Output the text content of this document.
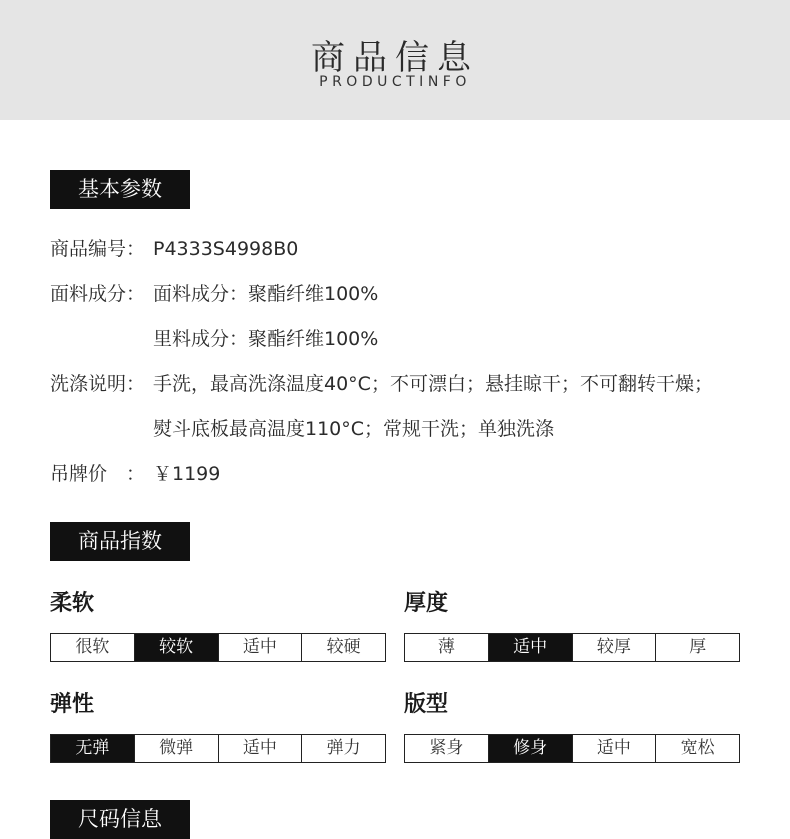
商品信息
PRODUCTINFO
基本参数
商品编号： P4333S4998B0
面料成分： 面料成分：聚酯纤维100%
里料成分：聚酯纤维100%
洗涤说明： 手洗，最高洗涤温度40°C；不可漂白；悬挂晾干；不可翻转干燥；
熨斗底板最高温度110°C；常规干洗；单独洗涤
吊牌价　： ￥1199
商品指数
柔软
很软	较软	适中	较硬
厚度
薄	适中	较厚	厚
弹性
无弹	微弹	适中	弹力
版型
紧身	修身	适中	宽松
尺码信息
